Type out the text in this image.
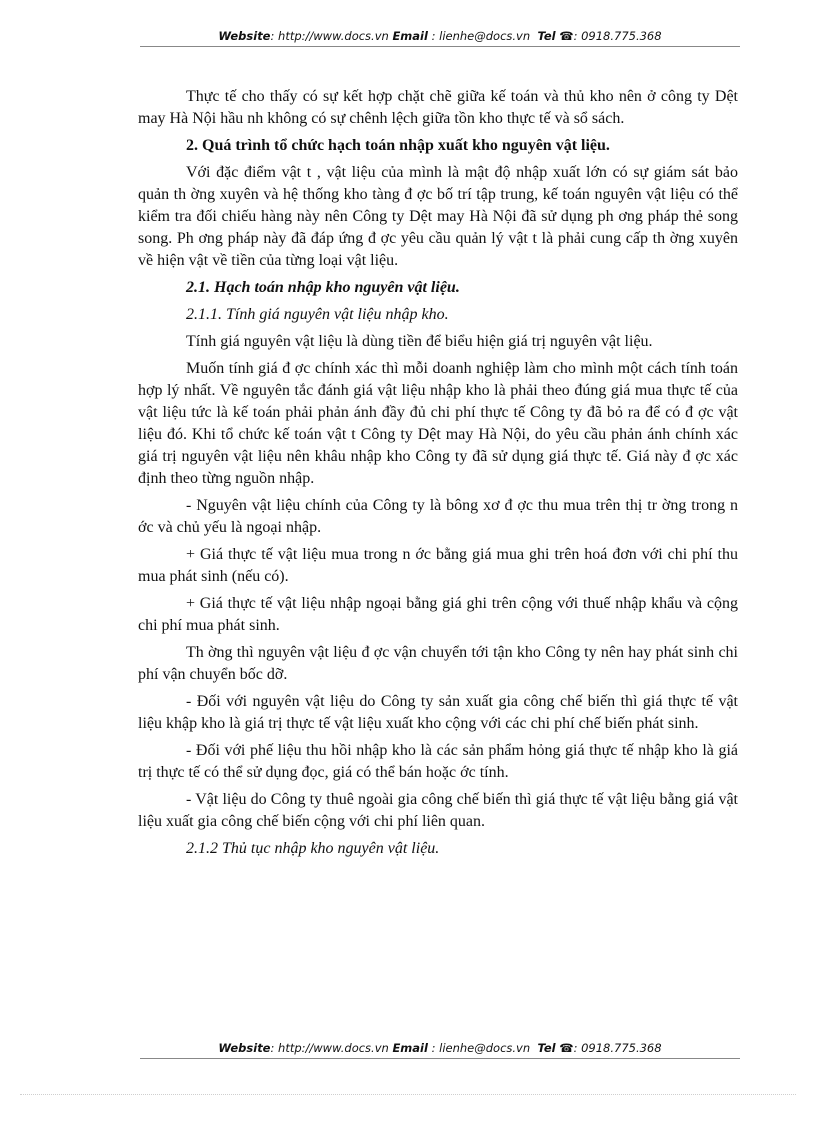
Website: http://www.docs.vn Email : lienhe@docs.vn Tel ☎: 0918.775.368

Thực tế cho thấy có sự kết hợp chặt chẽ giữa kế toán và thủ kho nên ở công ty Dệt may Hà Nội hầu nh không có sự chênh lệch giữa tồn kho thực tế và sổ sách.

2. Quá trình tổ chức hạch toán nhập xuất kho nguyên vật liệu.

Với đặc điểm vật t , vật liệu của mình là mật độ nhập xuất lớn có sự giám sát bảo quản th ờng xuyên và hệ thống kho tàng đ ợc bố trí tập trung, kế toán nguyên vật liệu có thể kiểm tra đối chiếu hàng này nên Công ty Dệt may Hà Nội đã sử dụng ph ơng pháp thẻ song song. Ph ơng pháp này đã đáp ứng đ ợc yêu cầu quản lý vật t là phải cung cấp th ờng xuyên về hiện vật về tiền của từng loại vật liệu.

2.1. Hạch toán nhập kho nguyên vật liệu.

2.1.1. Tính giá nguyên vật liệu nhập kho.

Tính giá nguyên vật liệu là dùng tiền để biểu hiện giá trị nguyên vật liệu.

Muốn tính giá đ ợc chính xác thì mỗi doanh nghiệp làm cho mình một cách tính toán hợp lý nhất. Về nguyên tắc đánh giá vật liệu nhập kho là phải theo đúng giá mua thực tế của vật liệu tức là kế toán phải phản ánh đầy đủ chi phí thực tế Công ty đã bỏ ra để có đ ợc vật liệu đó. Khi tổ chức kế toán vật t Công ty Dệt may Hà Nội, do yêu cầu phản ánh chính xác giá trị nguyên vật liệu nên khâu nhập kho Công ty đã sử dụng giá thực tế. Giá này đ ợc xác định theo từng nguồn nhập.

- Nguyên vật liệu chính của Công ty là bông xơ đ ợc thu mua trên thị tr ờng trong n ớc và chủ yếu là ngoại nhập.

+ Giá thực tế vật liệu mua trong n ớc bằng giá mua ghi trên hoá đơn với chi phí thu mua phát sinh (nếu có).

+ Giá thực tế vật liệu nhập ngoại bằng giá ghi trên cộng với thuế nhập khẩu và cộng chi phí mua phát sinh.

Th ờng thì nguyên vật liệu đ ợc vận chuyển tới tận kho Công ty nên hay phát sinh chi phí vận chuyển bốc dỡ.

- Đối với nguyên vật liệu do Công ty sản xuất gia công chế biến thì giá thực tế vật liệu khập kho là giá trị thực tế vật liệu xuất kho cộng với các chi phí chế biến phát sinh.

- Đối với phế liệu thu hồi nhập kho là các sản phẩm hỏng giá thực tế nhập kho là giá trị thực tế có thể sử dụng đọc, giá có thể bán hoặc ớc tính.

- Vật liệu do Công ty thuê ngoài gia công chế biến thì giá thực tế vật liệu bằng giá vật liệu xuất gia công chế biến cộng với chi phí liên quan.

2.1.2 Thủ tục nhập kho nguyên vật liệu.

Website: http://www.docs.vn Email : lienhe@docs.vn Tel ☎: 0918.775.368
